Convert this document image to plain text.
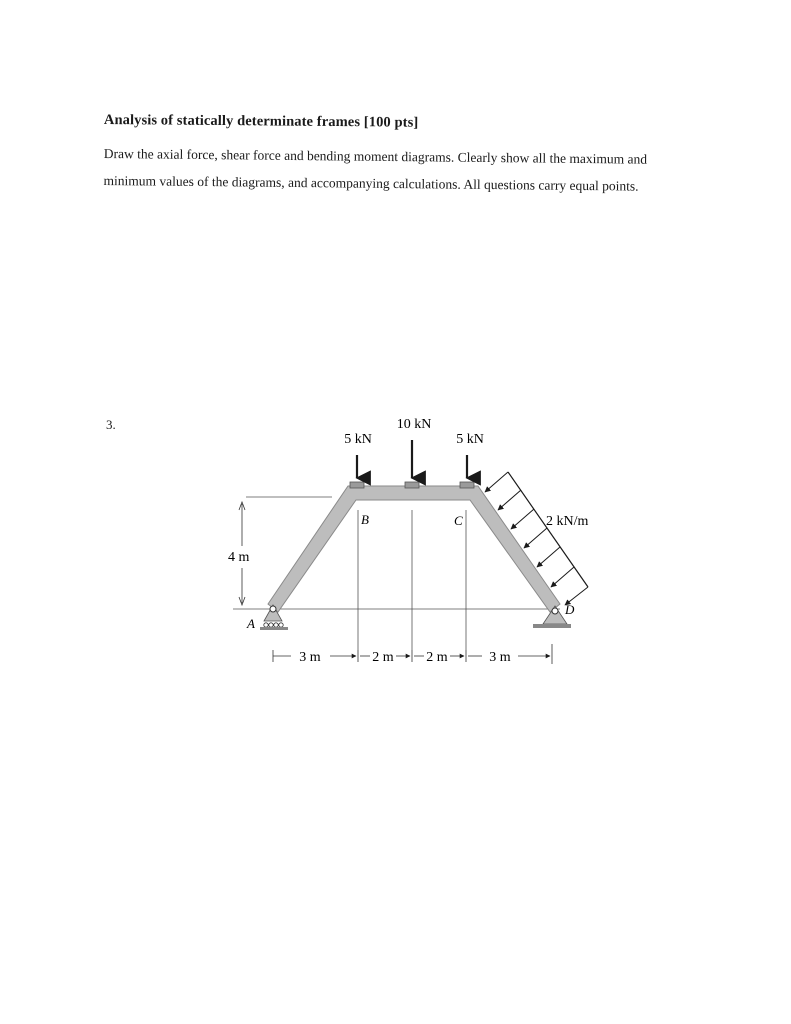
Analysis of statically determinate frames [100 pts]
Draw the axial force, shear force and bending moment diagrams. Clearly show all the maximum and
minimum values of the diagrams, and accompanying calculations. All questions carry equal points.
3.
5 kN
10 kN
5 kN
2 kN/m
B	C
A
D
4 m
3 m	2 m 2 m	3 m
